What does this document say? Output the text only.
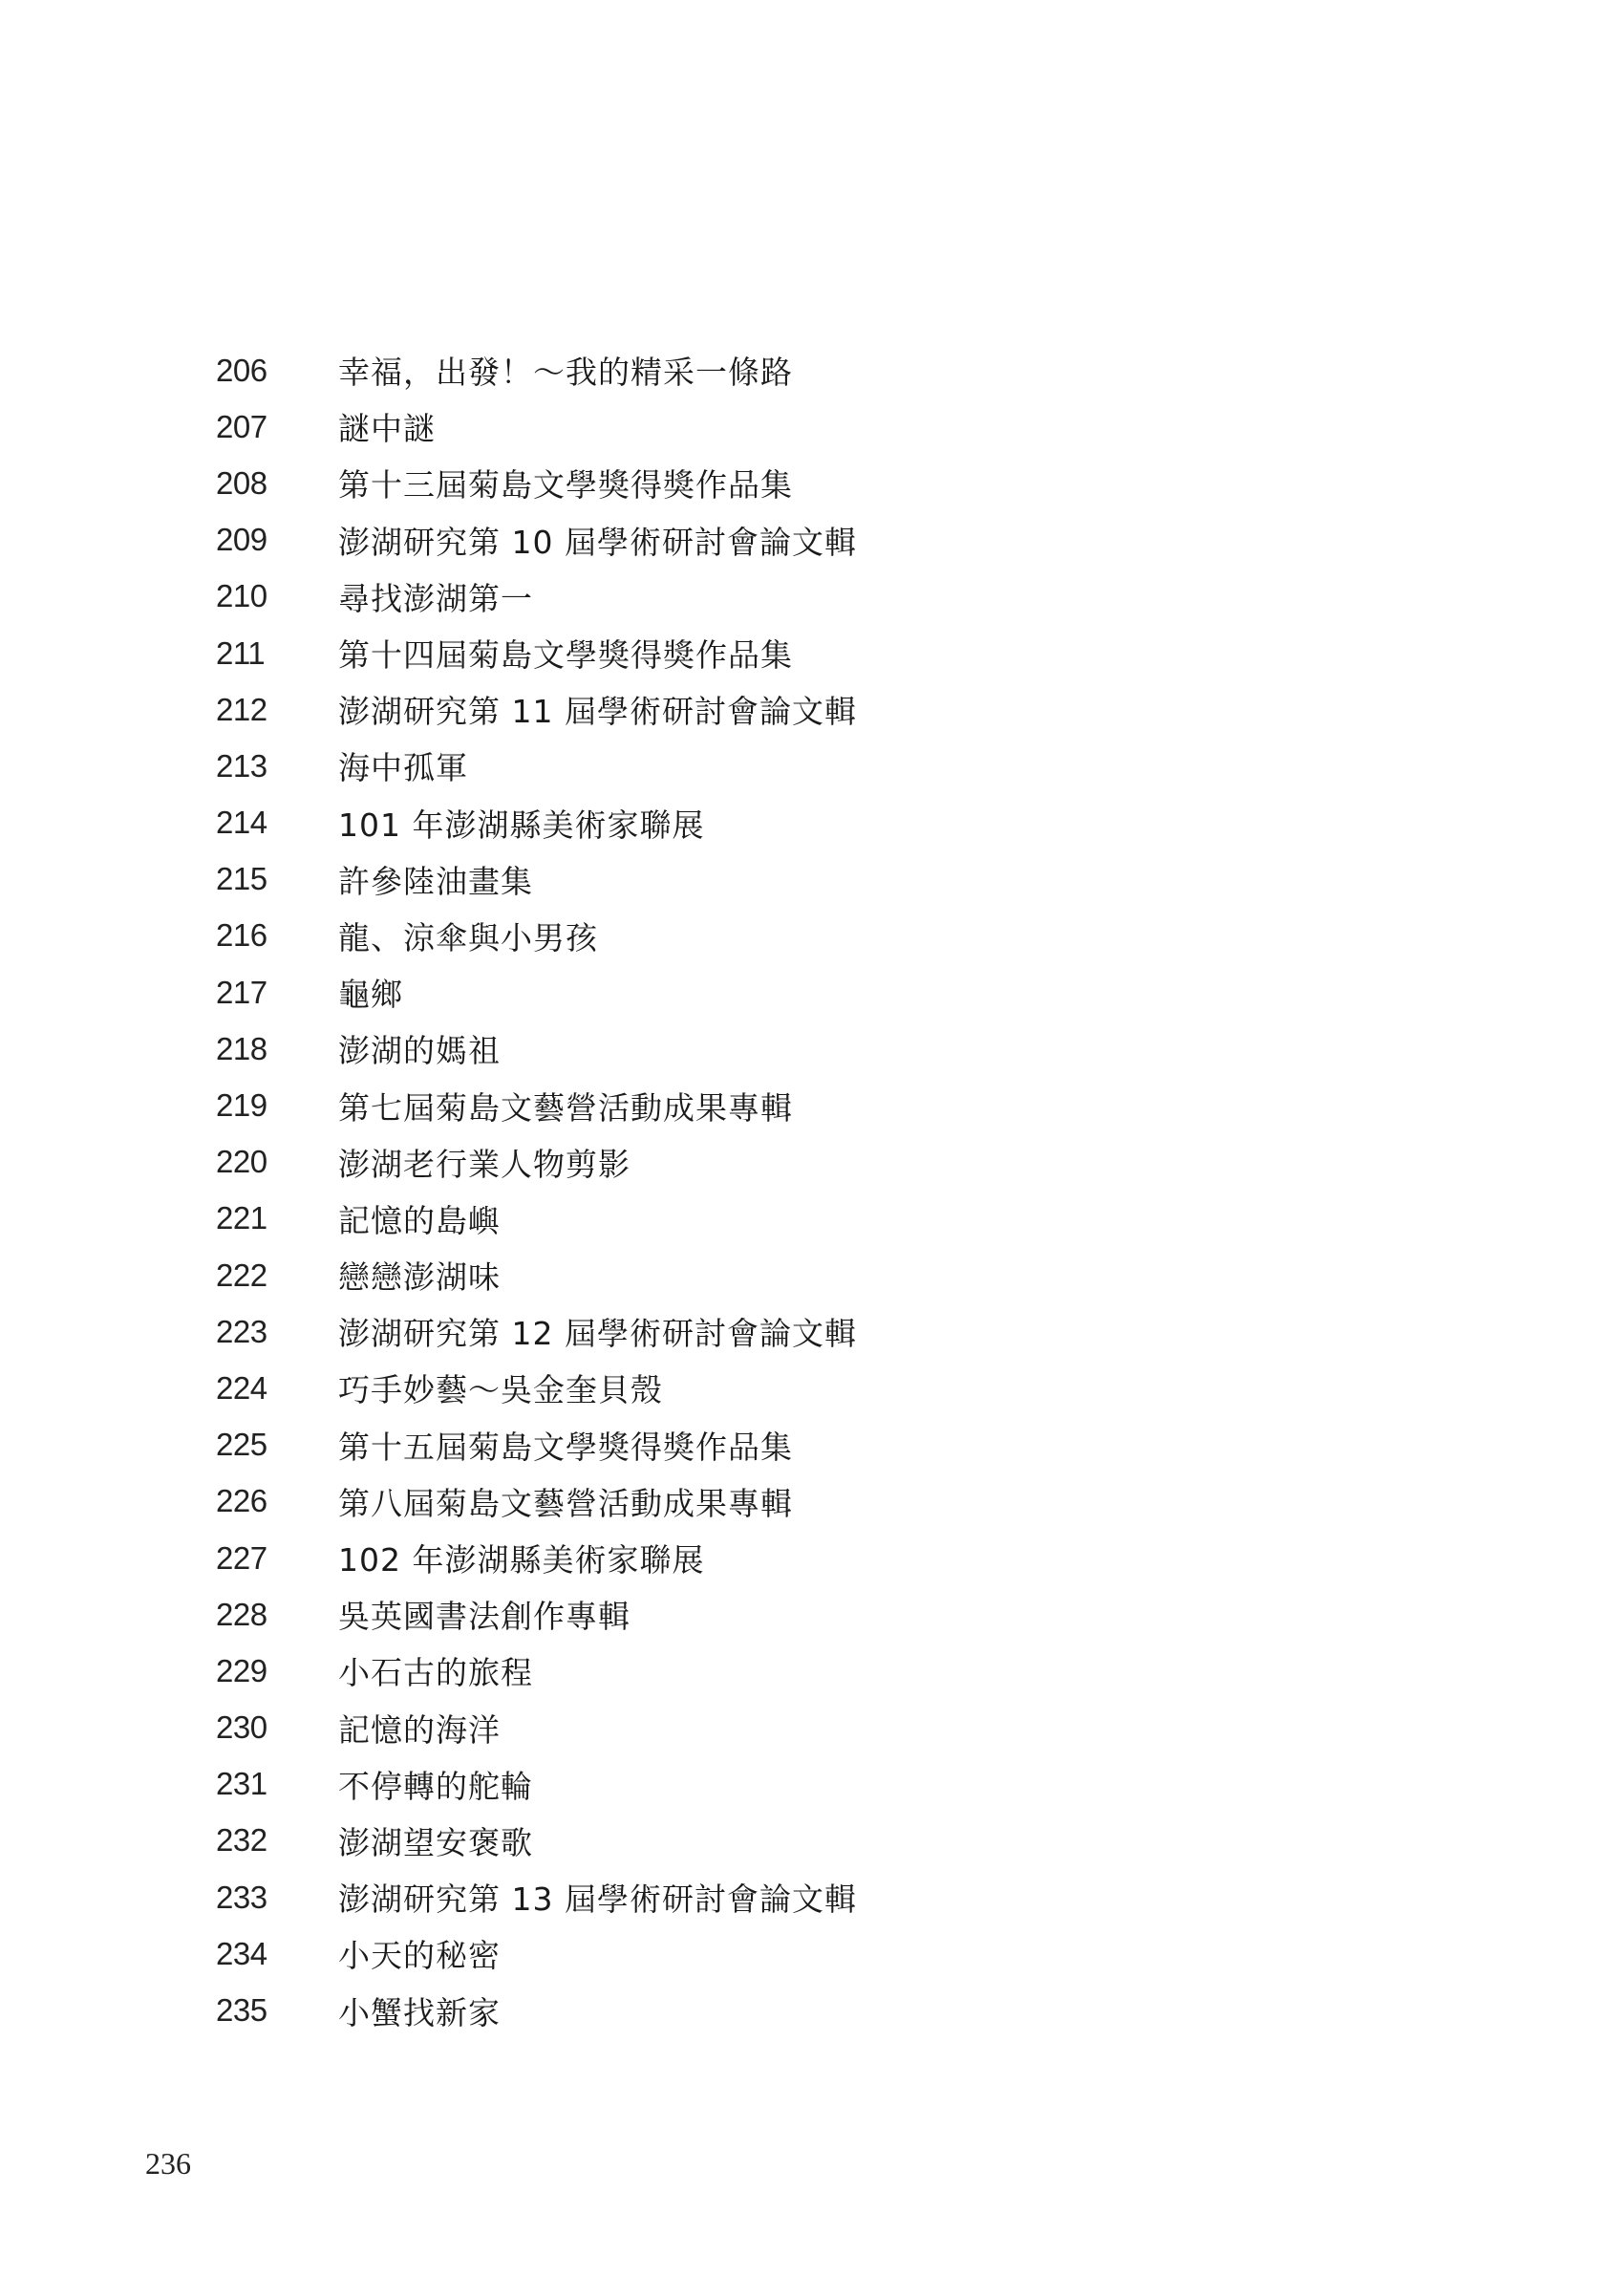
206	幸福，出發！～我的精采一條路
207	謎中謎
208	第十三屆菊島文學獎得獎作品集
209	澎湖研究第 10 屆學術研討會論文輯
210	尋找澎湖第一
211	第十四屆菊島文學獎得獎作品集
212	澎湖研究第 11 屆學術研討會論文輯
213	海中孤軍
214	101 年澎湖縣美術家聯展
215	許參陸油畫集
216	龍、涼傘與小男孩
217	龜鄉
218	澎湖的媽祖
219	第七屆菊島文藝營活動成果專輯
220	澎湖老行業人物剪影
221	記憶的島嶼
222	戀戀澎湖味
223	澎湖研究第 12 屆學術研討會論文輯
224	巧手妙藝～吳金奎貝殼
225	第十五屆菊島文學獎得獎作品集
226	第八屆菊島文藝營活動成果專輯
227	102 年澎湖縣美術家聯展
228	吳英國書法創作專輯
229	小石古的旅程
230	記憶的海洋
231	不停轉的舵輪
232	澎湖望安褒歌
233	澎湖研究第 13 屆學術研討會論文輯
234	小天的秘密
235	小蟹找新家
236
